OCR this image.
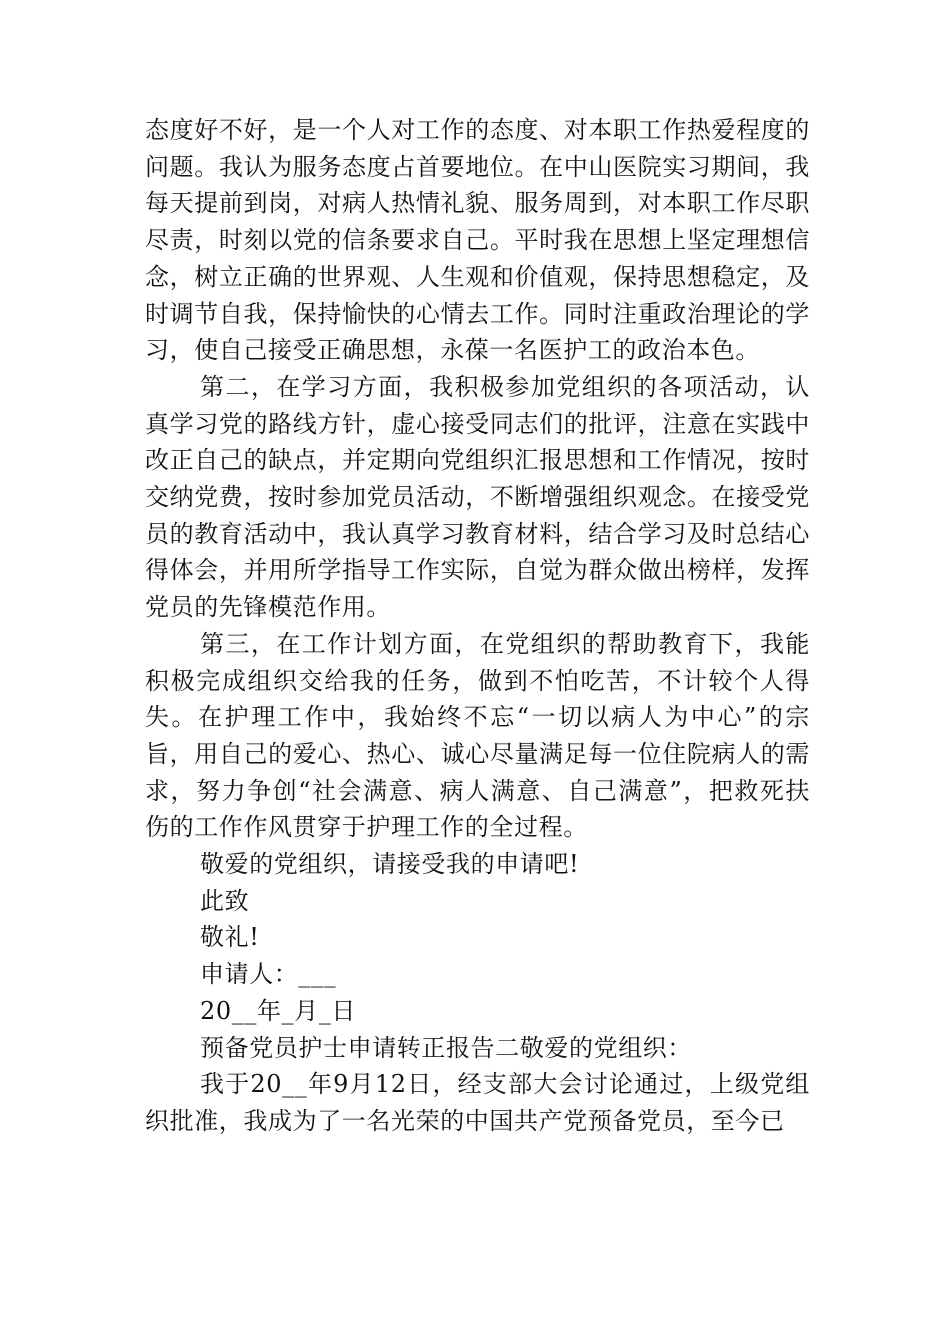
态度好不好，是一个人对工作的态度、对本职工作热爱程度的问题。我认为服务态度占首要地位。在中山医院实习期间，我每天提前到岗，对病人热情礼貌、服务周到，对本职工作尽职尽责，时刻以党的信条要求自己。平时我在思想上坚定理想信念，树立正确的世界观、人生观和价值观，保持思想稳定，及时调节自我，保持愉快的心情去工作。同时注重政治理论的学习，使自己接受正确思想，永葆一名医护工的政治本色。

第二，在学习方面，我积极参加党组织的各项活动，认真学习党的路线方针，虚心接受同志们的批评，注意在实践中改正自己的缺点，并定期向党组织汇报思想和工作情况，按时交纳党费，按时参加党员活动，不断增强组织观念。在接受党员的教育活动中，我认真学习教育材料，结合学习及时总结心得体会，并用所学指导工作实际，自觉为群众做出榜样，发挥党员的先锋模范作用。

第三，在工作计划方面，在党组织的帮助教育下，我能积极完成组织交给我的任务，做到不怕吃苦，不计较个人得失。在护理工作中，我始终不忘“一切以病人为中心”的宗旨，用自己的爱心、热心、诚心尽量满足每一位住院病人的需求，努力争创“社会满意、病人满意、自己满意”，把救死扶伤的工作作风贯穿于护理工作的全过程。

敬爱的党组织，请接受我的申请吧!

此致

敬礼!

申请人：___

20__年_月_日

预备党员护士申请转正报告二敬爱的党组织：

我于20__年9月12日，经支部大会讨论通过，上级党组织批准，我成为了一名光荣的中国共产党预备党员，至今已
